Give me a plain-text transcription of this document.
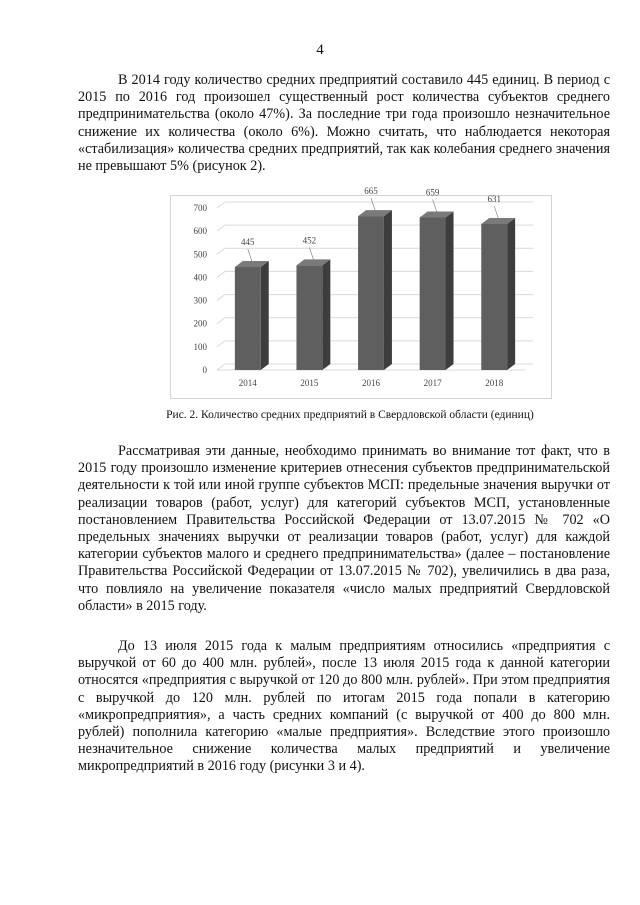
4

В 2014 году количество средних предприятий составило 445 единиц. В период с 2015 по 2016 год произошел существенный рост количества субъектов среднего предпринимательства (около 47%). За последние три года произошло незначительное снижение их количества (около 6%). Можно считать, что наблюдается некоторая «стабилизация» количества средних предприятий, так как колебания среднего значения не превышают 5% (рисунок 2).

0
100
200
300
400
500
600
700
445
2014
452
2015
665
2016
659
2017
631
2018
Рис. 2. Количество средних предприятий в Свердловской области (единиц)

Рассматривая эти данные, необходимо принимать во внимание тот факт, что в 2015 году произошло изменение критериев отнесения субъектов предпринимательской деятельности к той или иной группе субъектов МСП: предельные значения выручки от реализации товаров (работ, услуг) для категорий субъектов МСП, установленные постановлением Правительства Российской Федерации от 13.07.2015 № 702 «О предельных значениях выручки от реализации товаров (работ, услуг) для каждой категории субъектов малого и среднего предпринимательства» (далее – постановление Правительства Российской Федерации от 13.07.2015 № 702), увеличились в два раза, что повлияло на увеличение показателя «число малых предприятий Свердловской области» в 2015 году.

До 13 июля 2015 года к малым предприятиям относились «предприятия с выручкой от 60 до 400 млн. рублей», после 13 июля 2015 года к данной категории относятся «предприятия с выручкой от 120 до 800 млн. рублей». При этом предприятия с выручкой до 120 млн. рублей по итогам 2015 года попали в категорию «микропредприятия», а часть средних компаний (с выручкой от 400 до 800 млн. рублей) пополнила категорию «малые предприятия». Вследствие этого произошло незначительное снижение количества малых предприятий и увеличение микропредприятий в 2016 году (рисунки 3 и 4).
